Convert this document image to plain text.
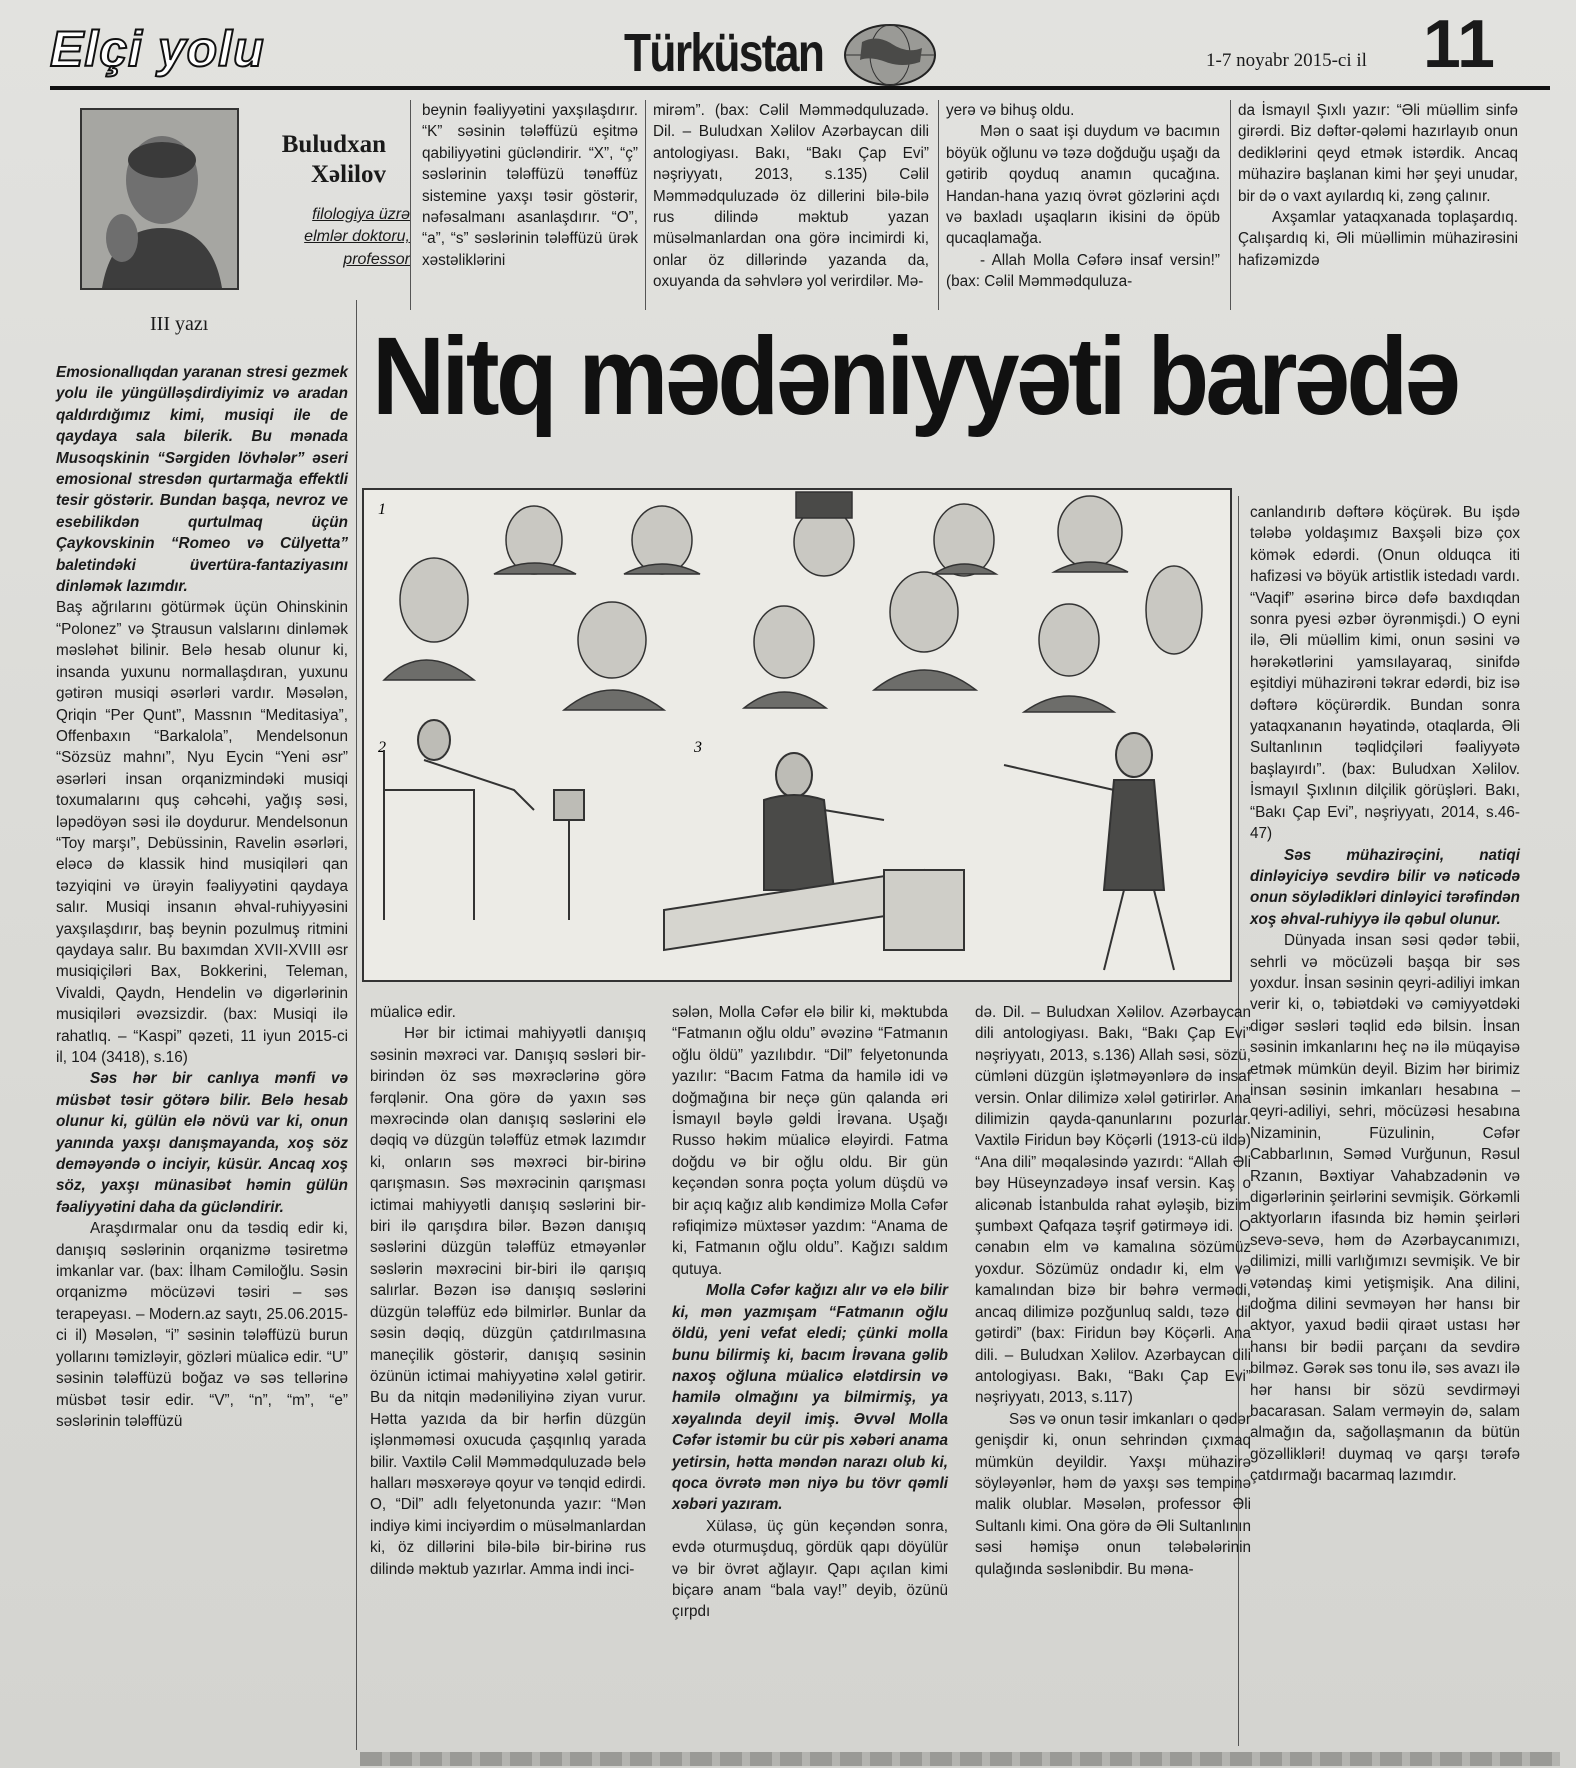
Elçi yolu	Türküstan	1-7 noyabr 2015-ci il 11
Buludxan
Xəlilov
filologiya üzrə
elmlər doktoru,
professor
III yazı Nitq mədəniyyəti barədə
1
2	3

Emosionallıqdan yaranan stresi gezmek yolu ile yüngülləşdirdiyimiz və aradan qaldırdığımız kimi, musiqi ile de qaydaya sala bilerik. Bu mənada Musoqskinin “Sərgiden lövhələr” əseri emosional stresdən qurtarmağa effektli tesir göstərir. Bundan başqa, nevroz ve esebilikdən qurtulmaq üçün Çaykovskinin “Romeo və Cülyetta” baletindəki üvertüra-fantaziyasını dinləmək lazımdır.

Baş ağrılarını götürmək üçün Ohinskinin “Polonez” və Ştrausun valslarını dinləmək məsləhət bilinir. Belə hesab olunur ki, insanda yuxunu normallaşdıran, yuxunu gətirən musiqi əsərləri vardır. Məsələn, Qriqin “Per Qunt”, Massnın “Meditasiya”, Offenbaxın “Barkalola”, Mendelsonun “Sözsüz mahnı”, Nyu Eycin “Yeni əsr” əsərləri insan orqanizmindəki musiqi toxumalarını quş cəhcəhi, yağış səsi, ləpədöyən səsi ilə doydurur. Mendelsonun “Toy marşı”, Debüssinin, Ravelin əsərləri, eləcə də klassik hind musiqiləri qan təzyiqini və ürəyin fəaliyyətini qaydaya salır. Musiqi insanın əhval-ruhiyyəsini yaxşılaşdırır, baş beynin pozulmuş ritmini qaydaya salır. Bu baxımdan XVII-XVIII əsr musiqiçiləri Bax, Bokkerini, Teleman, Vivaldi, Qaydn, Hendelin və digərlərinin musiqiləri əvəzsizdir. (bax: Musiqi ilə rahatlıq. – “Kaspi” qəzeti, 11 iyun 2015-ci il, 104 (3418), s.16)

Səs hər bir canlıya mənfi və müsbət təsir götərə bilir. Belə hesab olunur ki, gülün elə növü var ki, onun yanında yaxşı danışmayanda, xoş söz deməyəndə o inciyir, küsür. Ancaq xoş söz, yaxşı münasibət həmin gülün fəaliyyətini daha da gücləndirir.

Araşdırmalar onu da təsdiq edir ki, danışıq səslərinin orqanizmə təsiretmə imkanlar var. (bax: İlham Cəmiloğlu. Səsin orqanizmə möcüzəvi təsiri – səs terapeyası. – Modern.az saytı, 25.06.2015-ci il) Məsələn, “i” səsinin tələffüzü burun yollarını təmizləyir, gözləri müalicə edir. “U” səsinin tələffüzü boğaz və səs tellərinə müsbət təsir edir. “V”, “n”, “m”, “e” səslərinin tələffüzü

beynin fəaliyyətini yaxşılaşdırır. “K” səsinin tələffüzü eşitmə qabiliyyətini gücləndirir. “X”, “ç” səslərinin tələffüzü tənəffüz sistemine yaxşı təsir göstərir, nəfəsalmanı asanlaşdırır. “O”, “a”, “s” səslərinin tələffüzü ürək xəstəliklərini

mirəm”. (bax: Cəlil Məmmədquluzadə. Dil. – Buludxan Xəlilov Azərbaycan dili antologiyası. Bakı, “Bakı Çap Evi” nəşriyyatı, 2013, s.135) Cəlil Məmmədquluzadə öz dillerini bilə-bilə rus dilində məktub yazan müsəlmanlardan ona görə incimirdi ki, onlar öz dillərində yazanda da, oxuyanda da səhvlərə yol verirdilər. Mə-

yerə və bihuş oldu.

Mən o saat işi duydum və bacımın böyük oğlunu və təzə doğduğu uşağı da gətirib qoyduq anamın qucağına. Handan-hana yazıq övrət gözlərini açdı və baxladı uşaqların ikisini də öpüb qucaqlamağa.

- Allah Molla Cəfərə insaf versin!” (bax: Cəlil Məmmədquluza-

da İsmayıl Şıxlı yazır: “Əli müəllim sinfə girərdi. Biz dəftər-qələmi hazırlayıb onun dediklərini qeyd etmək istərdik. Ancaq mühazirə başlanan kimi hər şeyi unudar, bir də o vaxt ayılardıq ki, zəng çalınır.

Axşamlar yataqxanada toplaşardıq. Çalışardıq ki, Əli müəllimin mühazirəsini hafizəmizdə

canlandırıb dəftərə köçürək. Bu işdə tələbə yoldaşımız Baxşəli bizə çox kömək edərdi. (Onun olduqca iti hafizəsi və böyük artistlik istedadı vardı. “Vaqif” əsərinə bircə dəfə baxdıqdan sonra pyesi əzbər öyrənmişdi.) O eyni ilə, Əli müəllim kimi, onun səsini və hərəkətlərini yamsılayaraq, sinifdə eşitdiyi mühazirəni təkrar edərdi, biz isə dəftərə köçürərdik. Bundan sonra yataqxananın həyatində, otaqlarda, Əli Sultanlının təqlidçiləri fəaliyyətə başlayırdı”. (bax: Buludxan Xəlilov. İsmayıl Şıxlının dilçilik görüşləri. Bakı, “Bakı Çap Evi”, nəşriyyatı, 2014, s.46-47)

Səs mühazirəçini, natiqi dinləyiciyə sevdirə bilir və nəticədə onun söylədikləri dinləyici tərəfindən xoş əhval-ruhiyyə ilə qəbul olunur.

Dünyada insan səsi qədər təbii, sehrli və möcüzəli başqa bir səs yoxdur. İnsan səsinin qeyri-adiliyi imkan verir ki, o, təbiətdəki və cəmiyyətdəki digər səsləri təqlid edə bilsin. İnsan səsinin imkanlarını heç nə ilə müqayisə etmək mümkün deyil. Bizim hər birimiz insan səsinin imkanları hesabına – qeyri-adiliyi, sehri, möcüzəsi hesabına Nizaminin, Füzulinin, Cəfər Cabbarlının, Səməd Vurğunun, Rəsul Rzanın, Bəxtiyar Vahabzadənin və digərlərinin şeirlərini sevmişik. Görkəmli aktyorların ifasında biz həmin şeirləri sevə-sevə, həm də Azərbaycanımızı, dilimizi, milli varlığımızı sevmişik. Ve bir vətəndaş kimi yetişmişik. Ana dilini, doğma dilini sevməyən hər hansı bir aktyor, yaxud bədii qiraət ustası hər hansı bir bədii parçanı da sevdirə bilməz. Gərək səs tonu ilə, səs avazı ilə hər hansı bir sözü sevdirməyi bacarasan. Salam verməyin də, salam almağın da, sağollaşmanın da bütün gözəllikləri! duymaq və qarşı tərəfə çatdırmağı bacarmaq lazımdır.

müalicə edir.

Hər bir ictimai mahiyyətli danışıq səsinin məxrəci var. Danışıq səsləri bir-birindən öz səs məxrəclərinə görə fərqlənir. Ona görə də yaxın səs məxrəcində olan danışıq səslərini elə dəqiq və düzgün tələffüz etmək lazımdır ki, onların səs məxrəci bir-birinə qarışmasın. Səs məxrəcinin qarışması ictimai mahiyyətli danışıq səslərini bir-biri ilə qarışdıra bilər. Bəzən danışıq səslərini düzgün tələffüz etməyənlər səslərin məxrəcini bir-biri ilə qarışıq salırlar. Bəzən isə danışıq səslərini düzgün tələffüz edə bilmirlər. Bunlar da səsin dəqiq, düzgün çatdırılmasına maneçilik göstərir, danışıq səsinin özünün ictimai mahiyyətinə xələl gətirir. Bu da nitqin mədəniliyinə ziyan vurur. Hətta yazıda da bir hərfin düzgün işlənməməsi oxucuda çaşqınlıq yarada bilir. Vaxtilə Cəlil Məmmədquluzadə belə halları məsxərəyə qoyur və tənqid edirdi. O, “Dil” adlı felyetonunda yazır: “Mən indiyə kimi inciyərdim o müsəlmanlardan ki, öz dillərini bilə-bilə bir-birinə rus dilində məktub yazırlar. Amma indi inci-

sələn, Molla Cəfər elə bilir ki, məktubda “Fatmanın oğlu oldu” əvəzinə “Fatmanın oğlu öldü” yazılıbdır. “Dil” felyetonunda yazılır: “Bacım Fatma da hamilə idi və doğmağına bir neçə gün qalanda əri İsmayıl bəylə gəldi İrəvana. Uşağı Russo həkim müalicə eləyirdi. Fatma doğdu və bir oğlu oldu. Bir gün keçəndən sonra poçta yolum düşdü və bir açıq kağız alıb kəndimizə Molla Cəfər rəfiqimizə müxtəsər yazdım: “Anama de ki, Fatmanın oğlu oldu”. Kağızı saldım qutuya.

Molla Cəfər kağızı alır və elə bilir ki, mən yazmışam “Fatmanın oğlu öldü, yeni vefat eledi; çünki molla bunu bilirmiş ki, bacım İrəvana gəlib naxoş oğluna müalicə elətdirsin və hamilə olmağını ya bilmirmiş, ya xəyalında deyil imiş. Əvvəl Molla Cəfər istəmir bu cür pis xəbəri anama yetirsin, hətta məndən narazı olub ki, qoca övrətə mən niyə bu tövr qəmli xəbəri yazıram.

Xülasə, üç gün keçəndən sonra, evdə oturmuşduq, gördük qapı döyülür və bir övrət ağlayır. Qapı açılan kimi biçarə anam “bala vay!” deyib, özünü çırpdı

də. Dil. – Buludxan Xəlilov. Azərbaycan dili antologiyası. Bakı, “Bakı Çap Evi” nəşriyyatı, 2013, s.136) Allah səsi, sözü, cümləni düzgün işlətməyənlərə də insaf versin. Onlar dilimizə xələl gətirirlər. Ana dilimizin qayda-qanunlarını pozurlar. Vaxtilə Firidun bəy Köçərli (1913-cü ildə) “Ana dili” məqaləsində yazırdı: “Allah Əli bəy Hüseynzadəyə insaf versin. Kaş o alicənab İstanbulda rahat əyləşib, bizim şumbəxt Qafqaza təşrif gətirməyə idi. O cənabın elm və kamalına sözümüz yoxdur. Sözümüz ondadır ki, elm və kamalından bizə bir bəhrə vermədi, ancaq dilimizə pozğunluq saldı, təzə dil gətirdi” (bax: Firidun bəy Köçərli. Ana dili. – Buludxan Xəlilov. Azərbaycan dili antologiyası. Bakı, “Bakı Çap Evi” nəşriyyatı, 2013, s.117)

Səs və onun təsir imkanları o qədər genişdir ki, onun sehrindən çıxmaq mümkün deyildir. Yaxşı mühazirə söyləyənlər, həm də yaxşı səs tempinə malik olublar. Məsələn, professor Əli Sultanlı kimi. Ona görə də Əli Sultanlının səsi həmişə onun tələbələrinin qulağında səslənibdir. Bu məna-
